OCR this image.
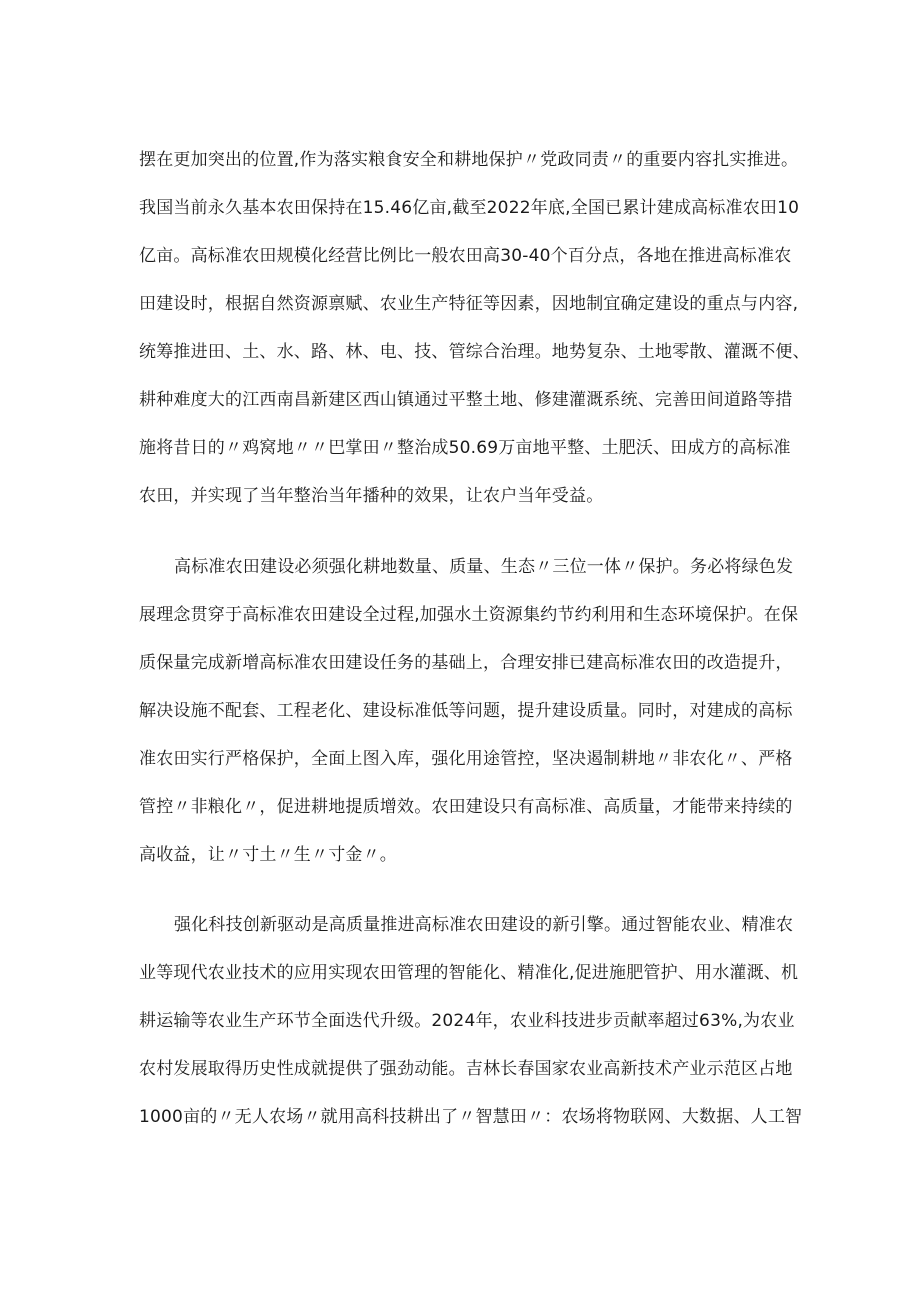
摆在更加突出的位置,作为落实粮食安全和耕地保护〃党政同责〃的重要内容扎实推进。
我国当前永久基本农田保持在15.46亿亩,截至2022年底,全国已累计建成高标准农田10
亿亩。高标准农田规模化经营比例比一般农田高30-40个百分点，各地在推进高标准农
田建设时，根据自然资源禀赋、农业生产特征等因素，因地制宜确定建设的重点与内容,
统筹推进田、土、水、路、林、电、技、管综合治理。地势复杂、土地零散、灌溉不便、
耕种难度大的江西南昌新建区西山镇通过平整土地、修建灌溉系统、完善田间道路等措
施将昔日的〃鸡窝地〃〃巴掌田〃整治成50.69万亩地平整、土肥沃、田成方的高标准
农田，并实现了当年整治当年播种的效果，让农户当年受益。
高标准农田建设必须强化耕地数量、质量、生态〃三位一体〃保护。务必将绿色发
展理念贯穿于高标准农田建设全过程,加强水土资源集约节约利用和生态环境保护。在保
质保量完成新增高标准农田建设任务的基础上，合理安排已建高标准农田的改造提升，
解决设施不配套、工程老化、建设标准低等问题，提升建设质量。同时，对建成的高标
准农田实行严格保护，全面上图入库，强化用途管控，坚决遏制耕地〃非农化〃、严格
管控〃非粮化〃，促进耕地提质增效。农田建设只有高标准、高质量，才能带来持续的
高收益，让〃寸土〃生〃寸金〃。
强化科技创新驱动是高质量推进高标准农田建设的新引擎。通过智能农业、精准农
业等现代农业技术的应用实现农田管理的智能化、精准化,促进施肥管护、用水灌溉、机
耕运输等农业生产环节全面迭代升级。2024年，农业科技进步贡献率超过63%,为农业
农村发展取得历史性成就提供了强劲动能。吉林长春国家农业高新技术产业示范区占地
1000亩的〃无人农场〃就用高科技耕出了〃智慧田〃：农场将物联网、大数据、人工智
